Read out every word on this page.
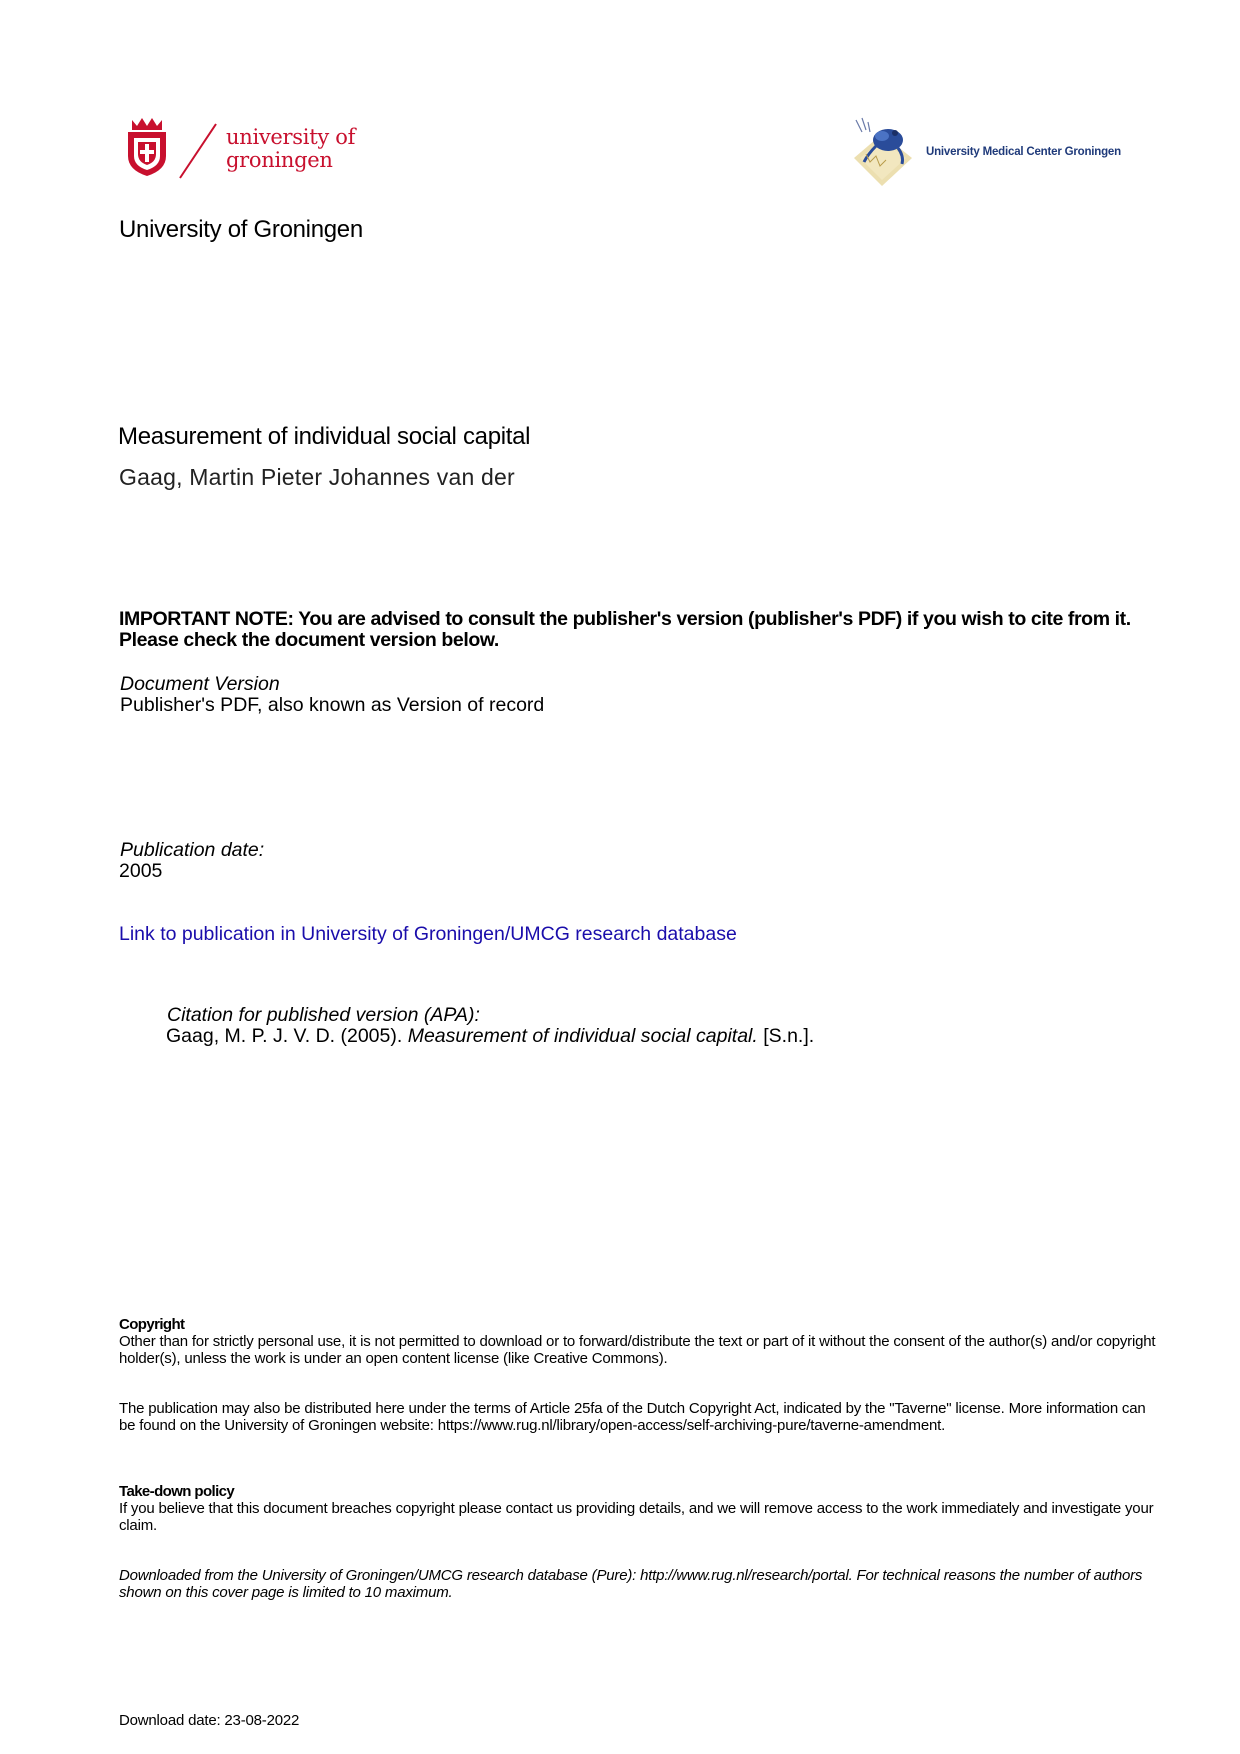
university of
groningen	University Medical Center Groningen
University of Groningen
Measurement of individual social capital
Gaag, Martin Pieter Johannes van der
IMPORTANT NOTE: You are advised to consult the publisher's version (publisher's PDF) if you wish to cite from it. Please check the document version below.
Document Version
Publisher's PDF, also known as Version of record
Publication date:
2005
Link to publication in University of Groningen/UMCG research database
Citation for published version (APA):
Gaag, M. P. J. V. D. (2005). Measurement of individual social capital. [S.n.].
Copyright
Other than for strictly personal use, it is not permitted to download or to forward/distribute the text or part of it without the consent of the author(s) and/or copyright holder(s), unless the work is under an open content license (like Creative Commons).
The publication may also be distributed here under the terms of Article 25fa of the Dutch Copyright Act, indicated by the "Taverne" license. More information can be found on the University of Groningen website: https://www.rug.nl/library/open-access/self-archiving-pure/taverne-amendment.
Take-down policy
If you believe that this document breaches copyright please contact us providing details, and we will remove access to the work immediately and investigate your claim.
Downloaded from the University of Groningen/UMCG research database (Pure): http://www.rug.nl/research/portal. For technical reasons the number of authors shown on this cover page is limited to 10 maximum.
Download date: 23-08-2022
